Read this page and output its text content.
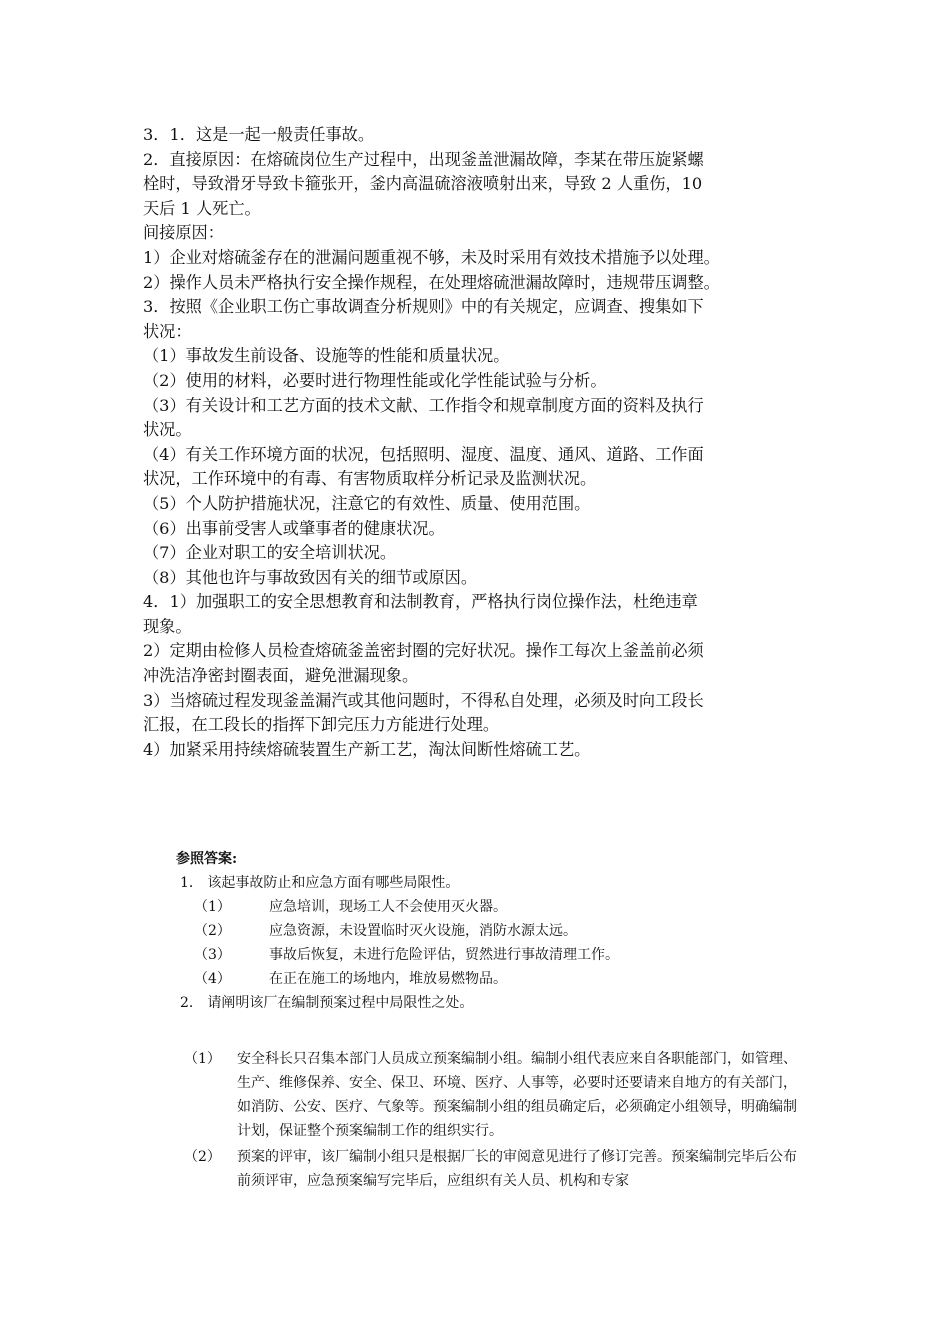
3．1．这是一起一般责任事故。
2．直接原因：在熔硫岗位生产过程中，出现釜盖泄漏故障，李某在带压旋紧螺
栓时，导致滑牙导致卡箍张开，釜内高温硫溶液喷射出来，导致 2 人重伤，10
天后 1 人死亡。
间接原因：
1）企业对熔硫釜存在的泄漏问题重视不够，未及时采用有效技术措施予以处理。
2）操作人员未严格执行安全操作规程，在处理熔硫泄漏故障时，违规带压调整。
3．按照《企业职工伤亡事故调查分析规则》中的有关规定，应调查、搜集如下
状况：
（1）事故发生前设备、设施等的性能和质量状况。
（2）使用的材料，必要时进行物理性能或化学性能试验与分析。
（3）有关设计和工艺方面的技术文献、工作指令和规章制度方面的资料及执行
状况。
（4）有关工作环境方面的状况，包括照明、湿度、温度、通风、道路、工作面
状况，工作环境中的有毒、有害物质取样分析记录及监测状况。
（5）个人防护措施状况，注意它的有效性、质量、使用范围。
（6）出事前受害人或肇事者的健康状况。
（7）企业对职工的安全培训状况。
（8）其他也许与事故致因有关的细节或原因。
4．1）加强职工的安全思想教育和法制教育，严格执行岗位操作法，杜绝违章
现象。
2）定期由检修人员检查熔硫釜盖密封圈的完好状况。操作工每次上釜盖前必须
冲洗洁净密封圈表面，避免泄漏现象。
3）当熔硫过程发现釜盖漏汽或其他问题时，不得私自处理，必须及时向工段长
汇报，在工段长的指挥下卸完压力方能进行处理。
4）加紧采用持续熔硫装置生产新工艺，淘汰间断性熔硫工艺。
参照答案:
1． 该起事故防止和应急方面有哪些局限性。
（1）	应急培训，现场工人不会使用灭火器。
（2）	应急资源，未设置临时灭火设施，消防水源太远。
（3）	事故后恢复，未进行危险评估，贸然进行事故清理工作。
（4）	在正在施工的场地内，堆放易燃物品。
2． 请阐明该厂在编制预案过程中局限性之处。
（1） 安全科长只召集本部门人员成立预案编制小组。编制小组代表应来自各职能部门，如管理、生产、维修保养、安全、保卫、环境、医疗、人事等，必要时还要请来自地方的有关部门，如消防、公安、医疗、气象等。预案编制小组的组员确定后，必须确定小组领导，明确编制计划，保证整个预案编制工作的组织实行。
（2） 预案的评审，该厂编制小组只是根据厂长的审阅意见进行了修订完善。预案编制完毕后公布前须评审，应急预案编写完毕后，应组织有关人员、机构和专家
